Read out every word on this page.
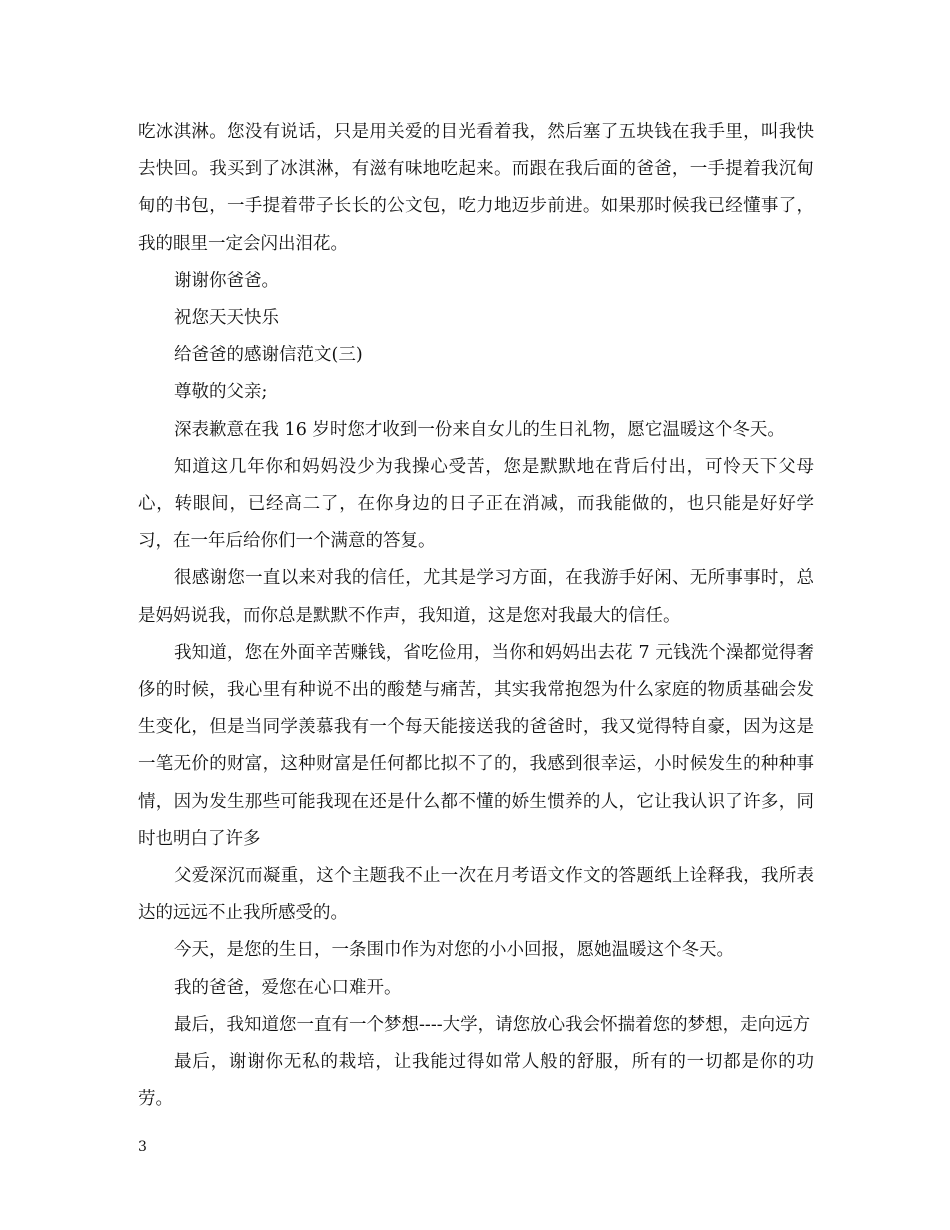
吃冰淇淋。您没有说话，只是用关爱的目光看着我，然后塞了五块钱在我手里，叫我快去快回。我买到了冰淇淋，有滋有味地吃起来。而跟在我后面的爸爸，一手提着我沉甸甸的书包，一手提着带子长长的公文包，吃力地迈步前进。如果那时候我已经懂事了，我的眼里一定会闪出泪花。

谢谢你爸爸。

祝您天天快乐

给爸爸的感谢信范文(三)

尊敬的父亲;

深表歉意在我 16 岁时您才收到一份来自女儿的生日礼物，愿它温暖这个冬天。

知道这几年你和妈妈没少为我操心受苦，您是默默地在背后付出，可怜天下父母心，转眼间，已经高二了，在你身边的日子正在消减，而我能做的，也只能是好好学习，在一年后给你们一个满意的答复。

很感谢您一直以来对我的信任，尤其是学习方面，在我游手好闲、无所事事时，总是妈妈说我，而你总是默默不作声，我知道，这是您对我最大的信任。

我知道，您在外面辛苦赚钱，省吃俭用，当你和妈妈出去花 7 元钱洗个澡都觉得奢侈的时候，我心里有种说不出的酸楚与痛苦，其实我常抱怨为什么家庭的物质基础会发生变化，但是当同学羡慕我有一个每天能接送我的爸爸时，我又觉得特自豪，因为这是一笔无价的财富，这种财富是任何都比拟不了的，我感到很幸运，小时候发生的种种事情，因为发生那些可能我现在还是什么都不懂的娇生惯养的人，它让我认识了许多，同时也明白了许多

父爱深沉而凝重，这个主题我不止一次在月考语文作文的答题纸上诠释我，我所表达的远远不止我所感受的。

今天，是您的生日，一条围巾作为对您的小小回报，愿她温暖这个冬天。

我的爸爸，爱您在心口难开。

最后，我知道您一直有一个梦想----大学，请您放心我会怀揣着您的梦想，走向远方

最后，谢谢你无私的栽培，让我能过得如常人般的舒服，所有的一切都是你的功劳。

3
